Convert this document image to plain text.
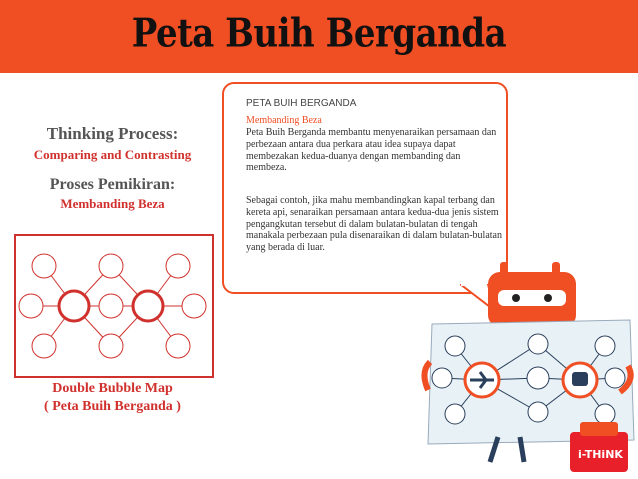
Peta Buih Berganda
Thinking Process:
Comparing and Contrasting
Proses Pemikiran:
Membanding Beza
Double Bubble Map
( Peta Buih Berganda )
PETA BUIH BERGANDA
Membanding Beza
Peta Buih Berganda membantu menyenaraikan persamaan dan perbezaan antara dua perkara atau idea supaya dapat membezakan kedua-duanya dengan membanding dan membeza.
Sebagai contoh, jika mahu membandingkan kapal terbang dan kereta api, senaraikan persamaan antara kedua-dua jenis sistem pengangkutan tersebut di dalam bulatan-bulatan di tengah manakala perbezaan pula disenaraikan di dalam bulatan-bulatan yang berada di luar.
i-THiNK
